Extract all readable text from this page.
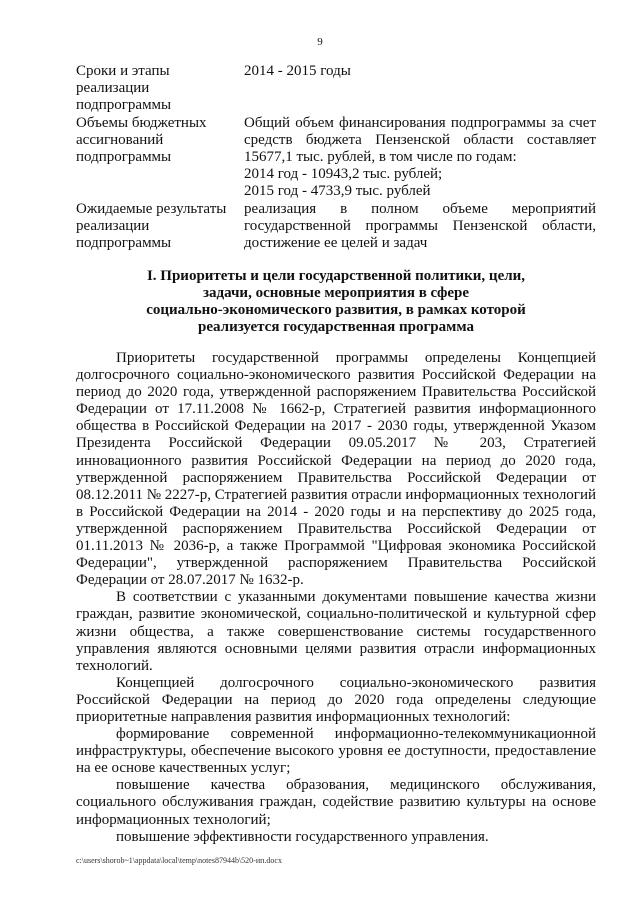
9
Сроки и этапы
реализации
подпрограммы
2014 - 2015 годы
Объемы бюджетных
ассигнований
подпрограммы
Общий объем финансирования подпрограммы за счет средств бюджета Пензенской области составляет 15677,1 тыс. рублей, в том числе по годам:
2014 год - 10943,2 тыс. рублей;
2015 год - 4733,9 тыс. рублей
Ожидаемые результаты
реализации
подпрограммы
реализация в полном объеме мероприятий государственной программы Пензенской области, достижение ее целей и задач
I. Приоритеты и цели государственной политики, цели,
задачи, основные мероприятия в сфере
социально-экономического развития, в рамках которой
реализуется государственная программа

Приоритеты государственной программы определены Концепцией долгосрочного социально-экономического развития Российской Федерации на период до 2020 года, утвержденной распоряжением Правительства Российской Федерации от 17.11.2008 № 1662-р, Стратегией развития информационного общества в Российской Федерации на 2017 - 2030 годы, утвержденной Указом Президента Российской Федерации 09.05.2017 № 203, Стратегией инновационного развития Российской Федерации на период до 2020 года, утвержденной распоряжением Правительства Российской Федерации от 08.12.2011 № 2227-р, Стратегией развития отрасли информационных технологий в Российской Федерации на 2014 - 2020 годы и на перспективу до 2025 года, утвержденной распоряжением Правительства Российской Федерации от 01.11.2013 № 2036-р, а также Программой "Цифровая экономика Российской Федерации", утвержденной распоряжением Правительства Российской Федерации от 28.07.2017 № 1632-р.

В соответствии с указанными документами повышение качества жизни граждан, развитие экономической, социально-политической и культурной сфер жизни общества, а также совершенствование системы государственного управления являются основными целями развития отрасли информационных технологий.

Концепцией долгосрочного социально-экономического развития Российской Федерации на период до 2020 года определены следующие приоритетные направления развития информационных технологий:

формирование современной информационно-телекоммуникационной инфраструктуры, обеспечение высокого уровня ее доступности, предоставление на ее основе качественных услуг;

повышение качества образования, медицинского обслуживания, социального обслуживания граждан, содействие развитию культуры на основе информационных технологий;

повышение эффективности государственного управления.

c:\users\shorob~1\appdata\local\temp\notes87944b\520-ип.docx
